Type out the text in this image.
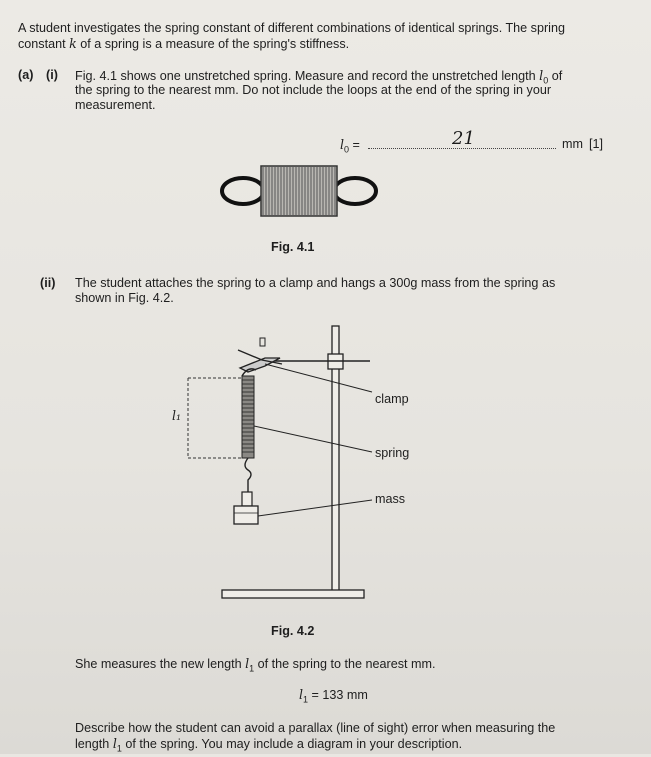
A student investigates the spring constant of different combinations of identical springs. The spring

constant k of a spring is a measure of the spring's stiffness.

(a) (i) Fig. 4.1 shows one unstretched spring. Measure and record the unstretched length $l_0$ of

the spring to the nearest mm. Do not include the loops at the end of the spring in your

measurement.

$l_0$ =	21	mm [1]

Fig. 4.1

(ii) The student attaches the spring to a clamp and hangs a 300g mass from the spring as

shown in Fig. 4.2.

l₁

clamp

spring

mass

Fig. 4.2

She measures the new length $l_1$ of the spring to the nearest mm.

$l_1 = 133$ mm

Describe how the student can avoid a parallax (line of sight) error when measuring the

length $l_1$ of the spring. You may include a diagram in your description.
